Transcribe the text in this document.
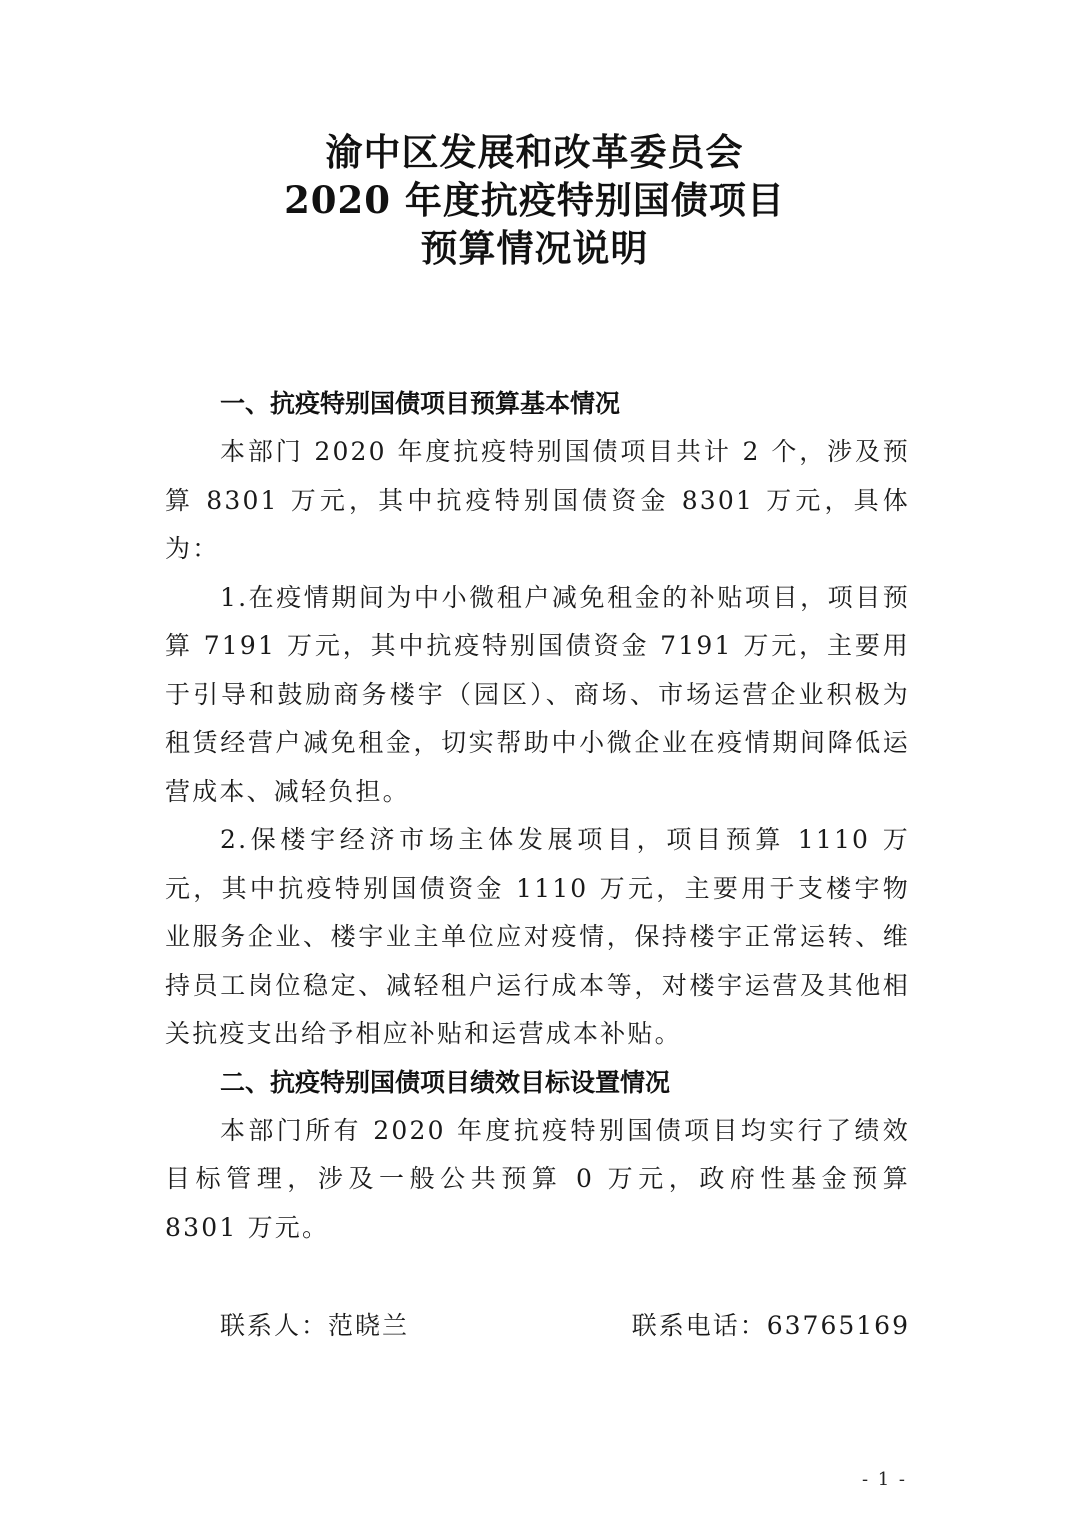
渝中区发展和改革委员会
2020 年度抗疫特别国债项目
预算情况说明

一、抗疫特别国债项目预算基本情况

本部门 2020 年度抗疫特别国债项目共计 2 个，涉及预算 8301 万元，其中抗疫特别国债资金 8301 万元，具体为：

1.在疫情期间为中小微租户减免租金的补贴项目，项目预算 7191 万元，其中抗疫特别国债资金 7191 万元，主要用于引导和鼓励商务楼宇（园区）、商场、市场运营企业积极为租赁经营户减免租金，切实帮助中小微企业在疫情期间降低运营成本、减轻负担。

2.保楼宇经济市场主体发展项目，项目预算 1110 万元，其中抗疫特别国债资金 1110 万元，主要用于支楼宇物业服务企业、楼宇业主单位应对疫情，保持楼宇正常运转、维持员工岗位稳定、减轻租户运行成本等，对楼宇运营及其他相关抗疫支出给予相应补贴和运营成本补贴。

二、抗疫特别国债项目绩效目标设置情况

本部门所有 2020 年度抗疫特别国债项目均实行了绩效目标管理，涉及一般公共预算 0 万元，政府性基金预算 8301 万元。

联系人：范晓兰	联系电话：63765169
- 1 -
